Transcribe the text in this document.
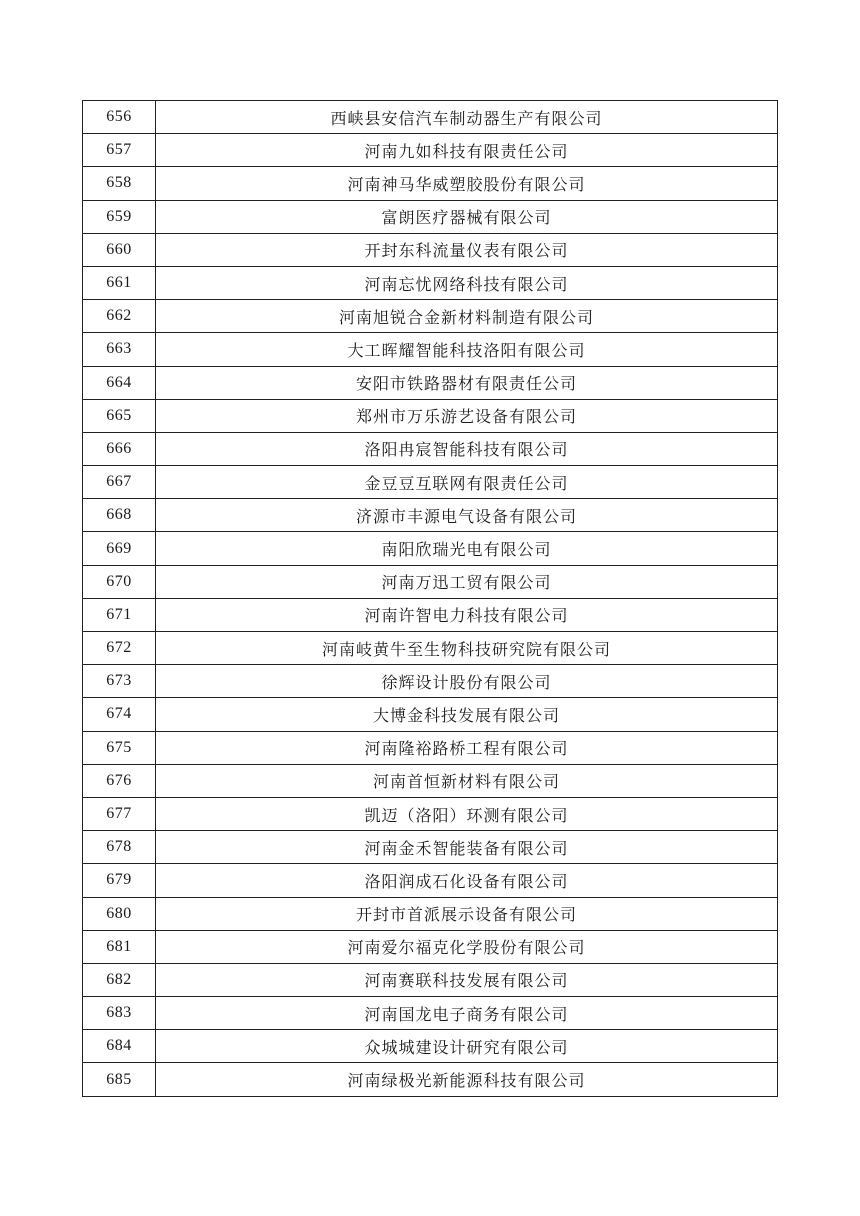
656	西峡县安信汽车制动器生产有限公司
657	河南九如科技有限责任公司
658	河南神马华威塑胶股份有限公司
659	富朗医疗器械有限公司
660	开封东科流量仪表有限公司
661	河南忘忧网络科技有限公司
662	河南旭锐合金新材料制造有限公司
663	大工晖耀智能科技洛阳有限公司
664	安阳市铁路器材有限责任公司
665	郑州市万乐游艺设备有限公司
666	洛阳冉宸智能科技有限公司
667	金豆豆互联网有限责任公司
668	济源市丰源电气设备有限公司
669	南阳欣瑞光电有限公司
670	河南万迅工贸有限公司
671	河南许智电力科技有限公司
672	河南岐黄牛至生物科技研究院有限公司
673	徐辉设计股份有限公司
674	大博金科技发展有限公司
675	河南隆裕路桥工程有限公司
676	河南首恒新材料有限公司
677	凯迈（洛阳）环测有限公司
678	河南金禾智能装备有限公司
679	洛阳润成石化设备有限公司
680	开封市首派展示设备有限公司
681	河南爱尔福克化学股份有限公司
682	河南赛联科技发展有限公司
683	河南国龙电子商务有限公司
684	众城城建设计研究有限公司
685	河南绿极光新能源科技有限公司
